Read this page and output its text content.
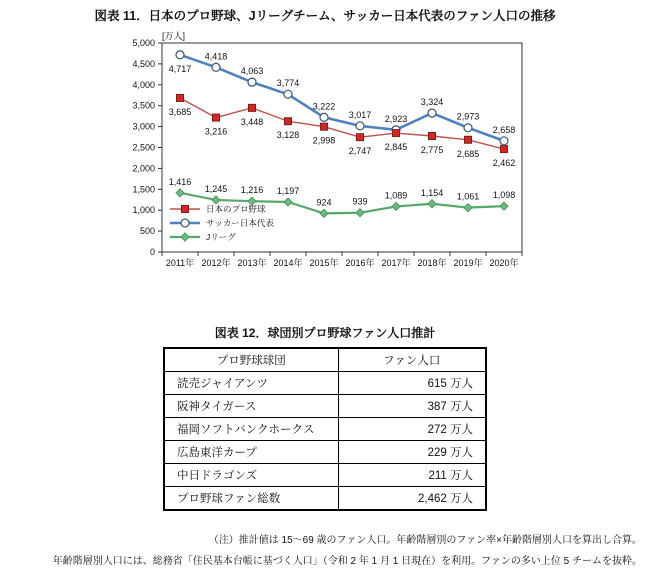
図表 11．日本のプロ野球、Jリーグチーム、サッカー日本代表のファン人口の推移
0
500
1,000
1,500
2,000
2,500
3,000
3,500
4,000
4,500
5,000
[万人]
2011年 2012年 2013年 2014年 2015年 2016年 2017年 2018年 2019年 2020年
4,717
4,418
4,063
3,774
3,222
3,017 2,923
3,324
2,973
2,658
3,685
3,216
3,448
3,128
2,998
2,747 2,845 2,775 2,685
2,462
1,416
1,245 1,216 1,197
924 939
1,089 1,154 1,061 1,098
日本のプロ野球
サッカー日本代表
Jリーグ
図表 12．球団別プロ野球ファン人口推計
プロ野球球団	ファン人口
読売ジャイアンツ	615 万人
阪神タイガース	387 万人
福岡ソフトバンクホークス	272 万人
広島東洋カープ	229 万人
中日ドラゴンズ	211 万人
プロ野球ファン総数	2,462 万人
（注）推計値は 15～69 歳のファン人口。年齢階層別のファン率×年齢階層別人口を算出し合算。
年齢階層別人口には、総務省「住民基本台帳に基づく人口」（令和 2 年 1 月 1 日現在）を利用。ファンの多い上位 5 チームを抜粋。
